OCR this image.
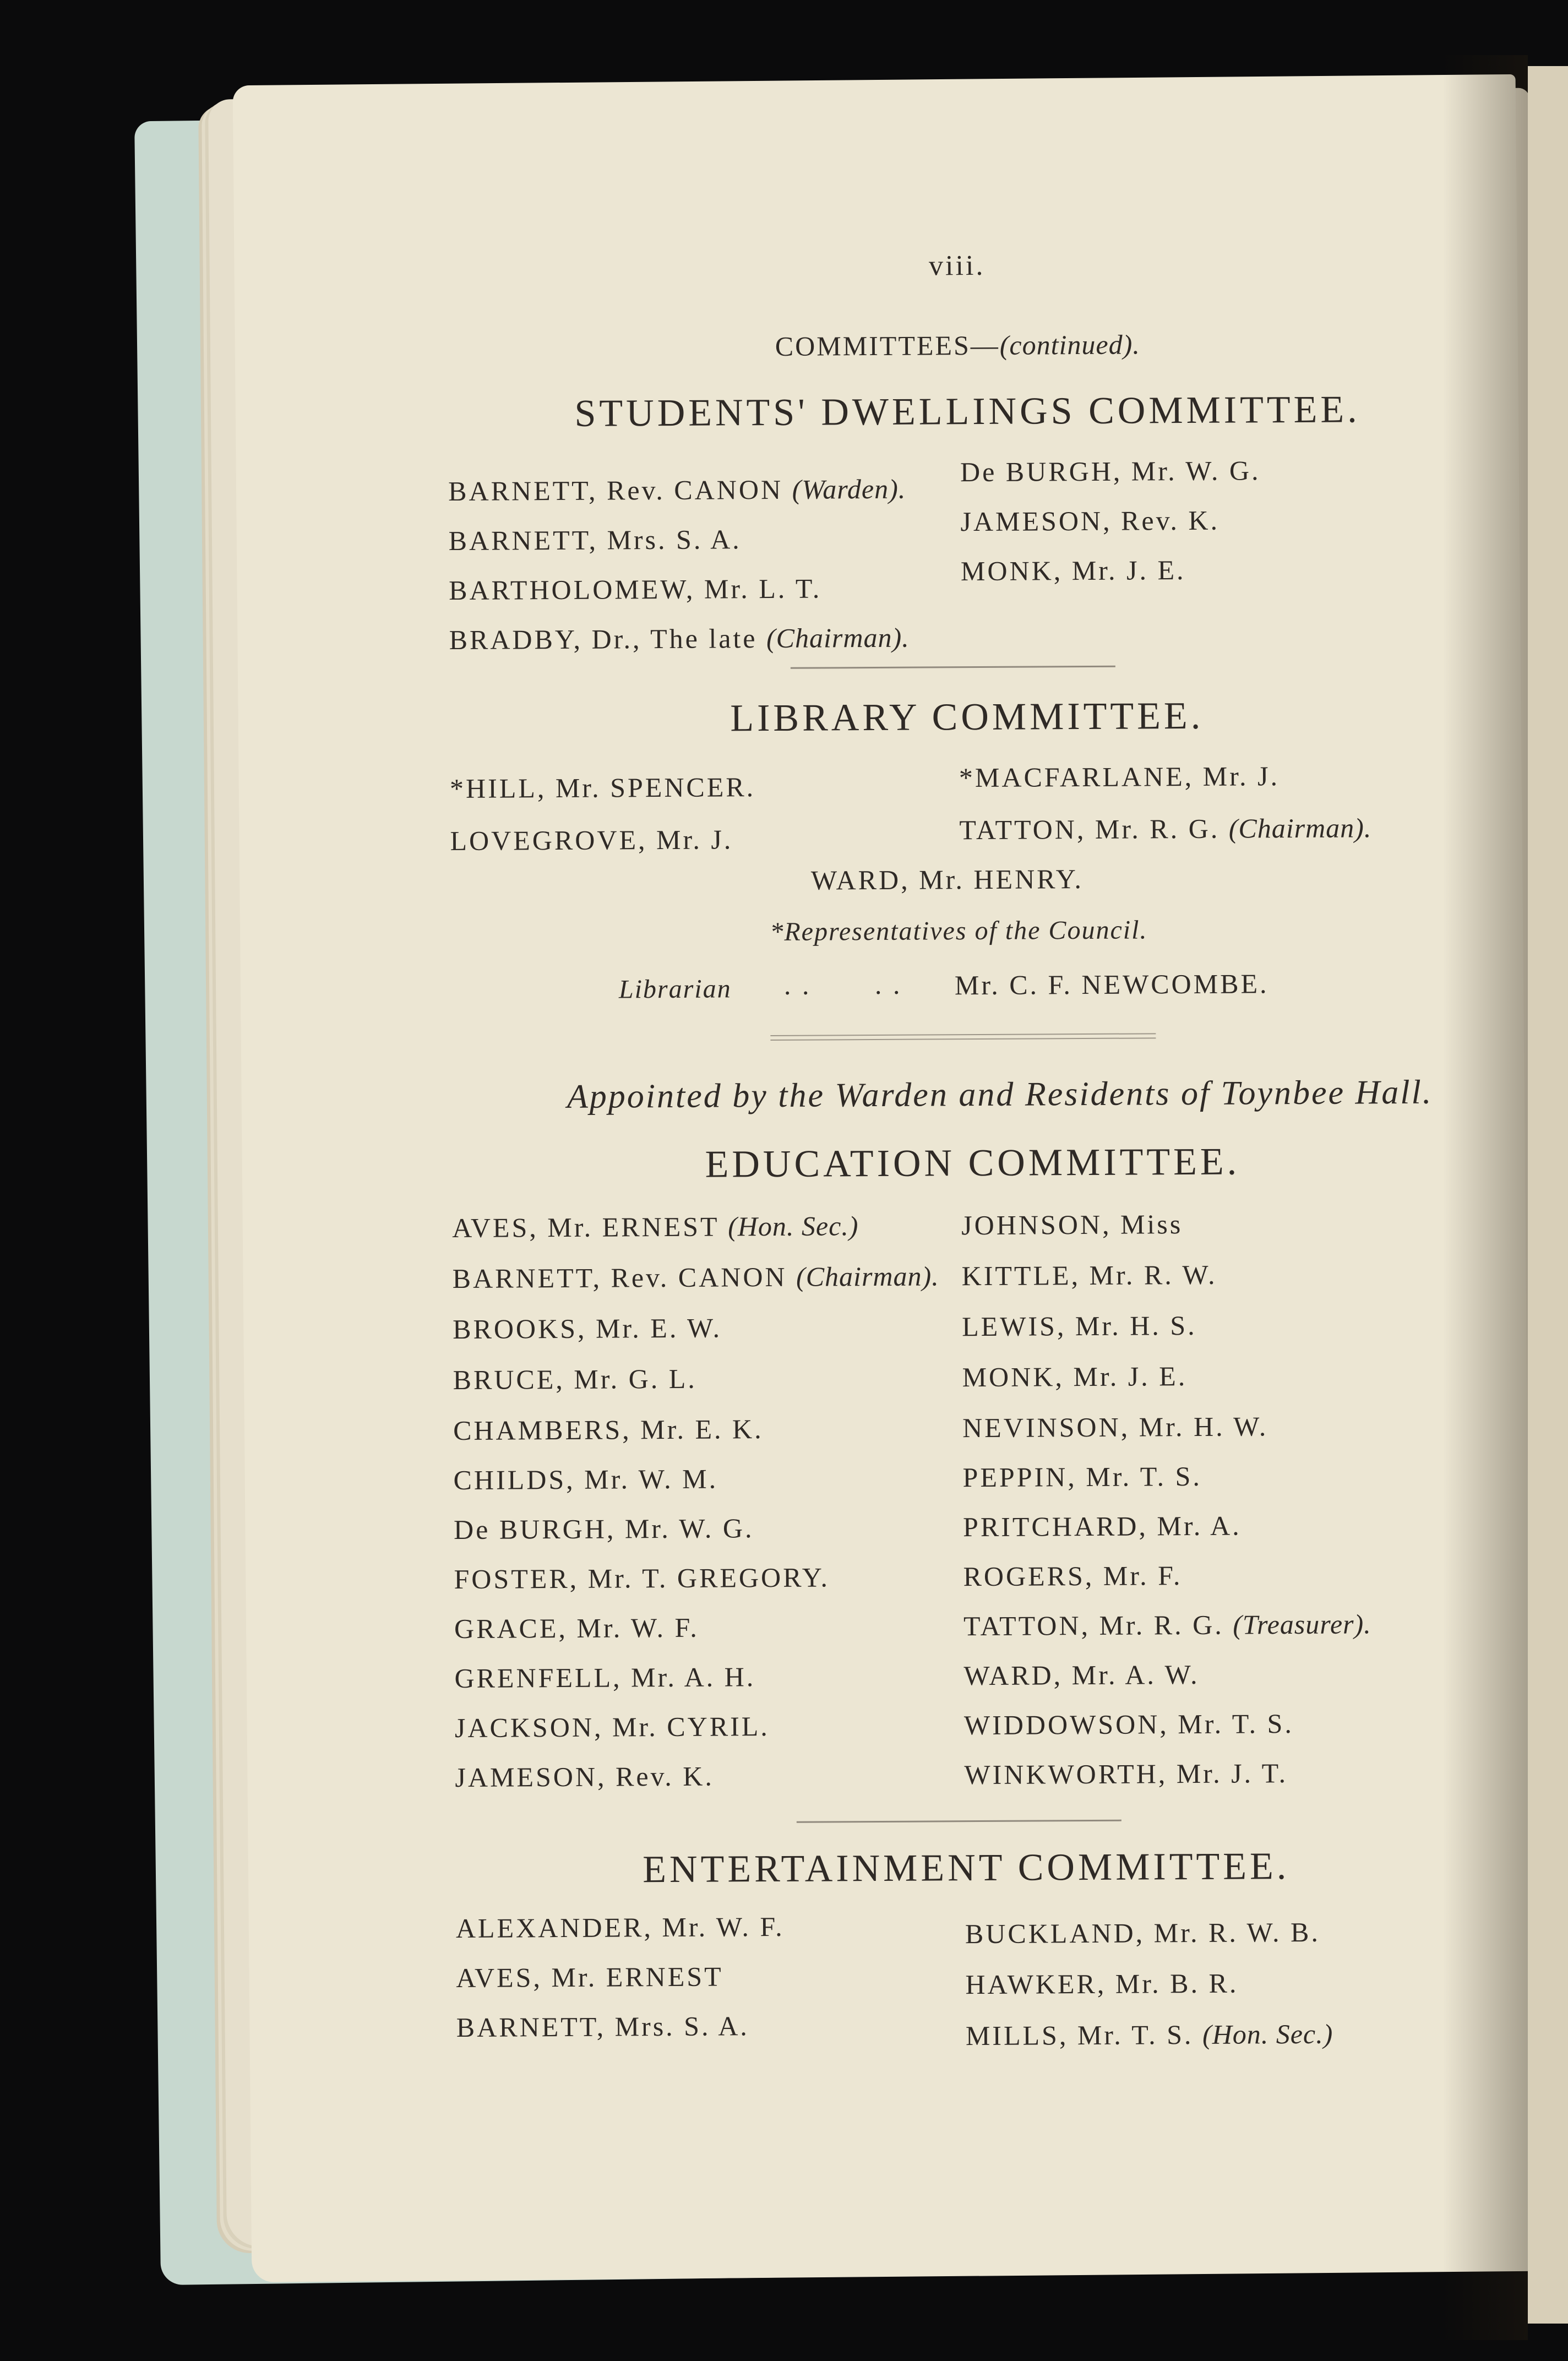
viii.
COMMITTEES—(continued).
STUDENTS' DWELLINGS COMMITTEE.
BARNETT, Rev. CANON (Warden).
BARNETT, Mrs. S. A.
BARTHOLOMEW, Mr. L. T.
BRADBY, Dr., The late (Chairman).
De BURGH, Mr. W. G.
JAMESON, Rev. K.
MONK, Mr. J. E.
LIBRARY COMMITTEE.
*HILL, Mr. SPENCER.
LOVEGROVE, Mr. J.
*MACFARLANE, Mr. J.
TATTON, Mr. R. G. (Chairman).
WARD, Mr. HENRY.
*Representatives of the Council.
Librarian . .       . . Mr. C. F. NEWCOMBE.
Appointed by the Warden and Residents of Toynbee Hall.
EDUCATION COMMITTEE.
AVES, Mr. ERNEST (Hon. Sec.)
BARNETT, Rev. CANON (Chairman).
BROOKS, Mr. E. W.
BRUCE, Mr. G. L.
CHAMBERS, Mr. E. K.
CHILDS, Mr. W. M.
De BURGH, Mr. W. G.
FOSTER, Mr. T. GREGORY.
GRACE, Mr. W. F.
GRENFELL, Mr. A. H.
JACKSON, Mr. CYRIL.
JAMESON, Rev. K.
JOHNSON, Miss
KITTLE, Mr. R. W.
LEWIS, Mr. H. S.
MONK, Mr. J. E.
NEVINSON, Mr. H. W.
PEPPIN, Mr. T. S.
PRITCHARD, Mr. A.
ROGERS, Mr. F.
TATTON, Mr. R. G. (Treasurer).
WARD, Mr. A. W.
WIDDOWSON, Mr. T. S.
WINKWORTH, Mr. J. T.
ENTERTAINMENT COMMITTEE.
ALEXANDER, Mr. W. F.
AVES, Mr. ERNEST
BARNETT, Mrs. S. A.
BUCKLAND, Mr. R. W. B.
HAWKER, Mr. B. R.
MILLS, Mr. T. S. (Hon. Sec.)
